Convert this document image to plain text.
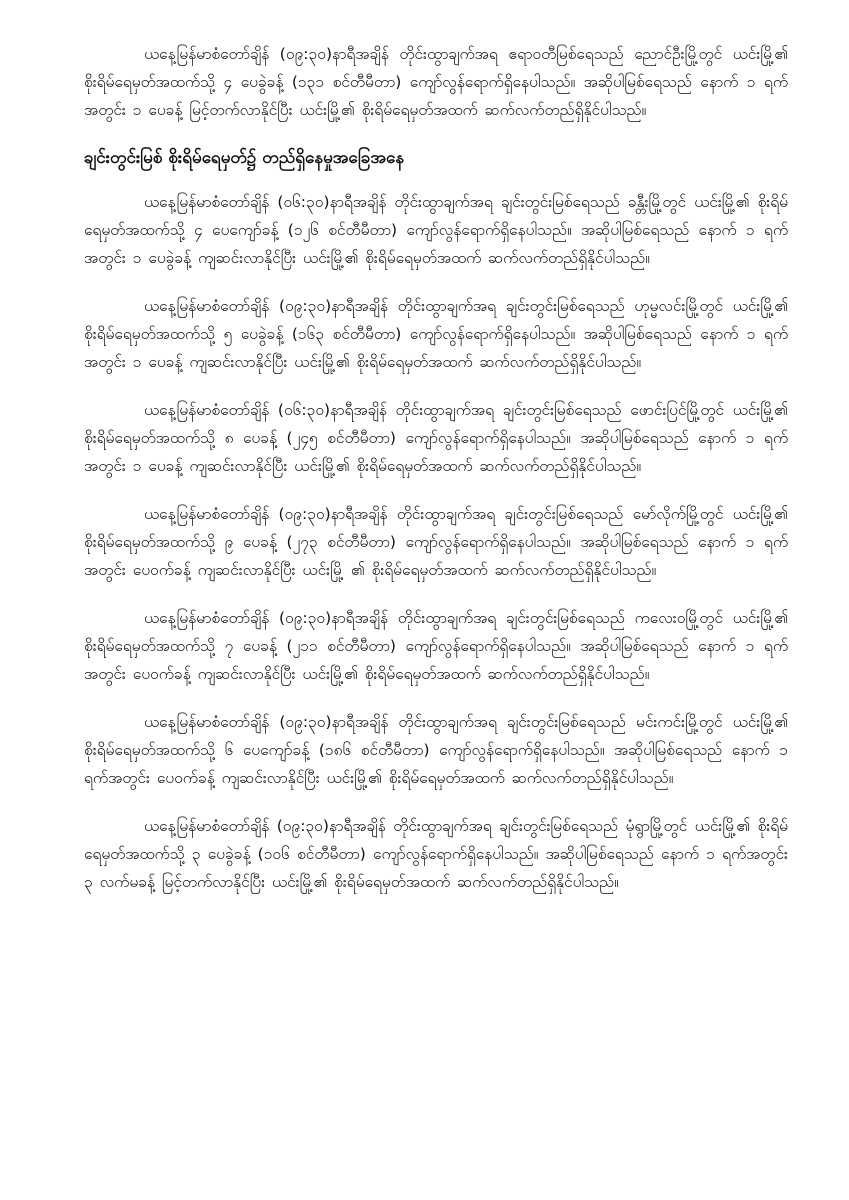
ယနေ့မြန်မာစံတော်ချိန် (၀၉:၃၀)နာရီအချိန် တိုင်းထွာချက်အရ ဧရာဝတီမြစ်ရေသည် ညောင်ဦးမြို့တွင် ယင်းမြို့၏ စိုးရိမ်ရေမှတ်အထက်သို့ ၄ ပေခွဲခန့် (၁၃၁ စင်တီမီတာ) ကျော်လွန်ရောက်ရှိနေပါသည်။ အဆိုပါမြစ်ရေသည် နောက် ၁ ရက်အတွင်း ၁ ပေခန့် မြင့်တက်လာနိုင်ပြီး ယင်းမြို့၏ စိုးရိမ်ရေမှတ်အထက် ဆက်လက်တည်ရှိနိုင်ပါသည်။

ချင်းတွင်းမြစ် စိုးရိမ်ရေမှတ်၌ တည်ရှိနေမှုအခြေအနေ

ယနေ့မြန်မာစံတော်ချိန် (၀၆:၃၀)နာရီအချိန် တိုင်းထွာချက်အရ ချင်းတွင်းမြစ်ရေသည် ခန္တီးမြို့တွင် ယင်းမြို့၏ စိုးရိမ်ရေမှတ်အထက်သို့ ၄ ပေကျော်ခန့် (၁၂၆ စင်တီမီတာ) ကျော်လွန်ရောက်ရှိနေပါသည်။ အဆိုပါမြစ်ရေသည် နောက် ၁ ရက်အတွင်း ၁ ပေခွဲခန့် ကျဆင်းလာနိုင်ပြီး ယင်းမြို့၏ စိုးရိမ်ရေမှတ်အထက် ဆက်လက်တည်ရှိနိုင်ပါသည်။

ယနေ့မြန်မာစံတော်ချိန် (၀၉:၃၀)နာရီအချိန် တိုင်းထွာချက်အရ ချင်းတွင်းမြစ်ရေသည် ဟုမ္မလင်းမြို့တွင် ယင်းမြို့၏ စိုးရိမ်ရေမှတ်အထက်သို့ ၅ ပေခွဲခန့် (၁၆၃ စင်တီမီတာ) ကျော်လွန်ရောက်ရှိနေပါသည်။ အဆိုပါမြစ်ရေသည် နောက် ၁ ရက်အတွင်း ၁ ပေခန့် ကျဆင်းလာနိုင်ပြီး ယင်းမြို့၏ စိုးရိမ်ရေမှတ်အထက် ဆက်လက်တည်ရှိနိုင်ပါသည်။

ယနေ့မြန်မာစံတော်ချိန် (၀၆:၃၀)နာရီအချိန် တိုင်းထွာချက်အရ ချင်းတွင်းမြစ်ရေသည် ဖောင်းပြင်မြို့တွင် ယင်းမြို့၏ စိုးရိမ်ရေမှတ်အထက်သို့ ၈ ပေခန့် (၂၄၅ စင်တီမီတာ) ကျော်လွန်ရောက်ရှိနေပါသည်။ အဆိုပါမြစ်ရေသည် နောက် ၁ ရက်အတွင်း ၁ ပေခန့် ကျဆင်းလာနိုင်ပြီး ယင်းမြို့၏ စိုးရိမ်ရေမှတ်အထက် ဆက်လက်တည်ရှိနိုင်ပါသည်။

ယနေ့မြန်မာစံတော်ချိန် (၀၉:၃၀)နာရီအချိန် တိုင်းထွာချက်အရ ချင်းတွင်းမြစ်ရေသည် မော်လိုက်မြို့တွင် ယင်းမြို့၏ စိုးရိမ်ရေမှတ်အထက်သို့ ၉ ပေခန့် (၂၇၃ စင်တီမီတာ) ကျော်လွန်ရောက်ရှိနေပါသည်။ အဆိုပါမြစ်ရေသည် နောက် ၁ ရက်အတွင်း ပေဝက်ခန့် ကျဆင်းလာနိုင်ပြီး ယင်းမြို့ ၏ စိုးရိမ်ရေမှတ်အထက် ဆက်လက်တည်ရှိနိုင်ပါသည်။

ယနေ့မြန်မာစံတော်ချိန် (၀၉:၃၀)နာရီအချိန် တိုင်းထွာချက်အရ ချင်းတွင်းမြစ်ရေသည် ကလေးဝမြို့တွင် ယင်းမြို့၏ စိုးရိမ်ရေမှတ်အထက်သို့ ၇ ပေခန့် (၂၁၁ စင်တီမီတာ) ကျော်လွန်ရောက်ရှိနေပါသည်။ အဆိုပါမြစ်ရေသည် နောက် ၁ ရက်အတွင်း ပေဝက်ခန့် ကျဆင်းလာနိုင်ပြီး ယင်းမြို့၏ စိုးရိမ်ရေမှတ်အထက် ဆက်လက်တည်ရှိနိုင်ပါသည်။

ယနေ့မြန်မာစံတော်ချိန် (၀၉:၃၀)နာရီအချိန် တိုင်းထွာချက်အရ ချင်းတွင်းမြစ်ရေသည် မင်းကင်းမြို့တွင် ယင်းမြို့၏ စိုးရိမ်ရေမှတ်အထက်သို့ ၆ ပေကျော်ခန့် (၁၈၆ စင်တီမီတာ) ကျော်လွန်ရောက်ရှိနေပါသည်။ အဆိုပါမြစ်ရေသည် နောက် ၁ ရက်အတွင်း ပေဝက်ခန့် ကျဆင်းလာနိုင်ပြီး ယင်းမြို့၏ စိုးရိမ်ရေမှတ်အထက် ဆက်လက်တည်ရှိနိုင်ပါသည်။

ယနေ့မြန်မာစံတော်ချိန် (၀၉:၃၀)နာရီအချိန် တိုင်းထွာချက်အရ ချင်းတွင်းမြစ်ရေသည် မုံရွာမြို့တွင် ယင်းမြို့၏ စိုးရိမ်ရေမှတ်အထက်သို့ ၃ ပေခွဲခန့် (၁၀၆ စင်တီမီတာ) ကျော်လွန်ရောက်ရှိနေပါသည်။ အဆိုပါမြစ်ရေသည် နောက် ၁ ရက်အတွင်း ၃ လက်မခန့် မြင့်တက်လာနိုင်ပြီး ယင်းမြို့၏ စိုးရိမ်ရေမှတ်အထက် ဆက်လက်တည်ရှိနိုင်ပါသည်။
